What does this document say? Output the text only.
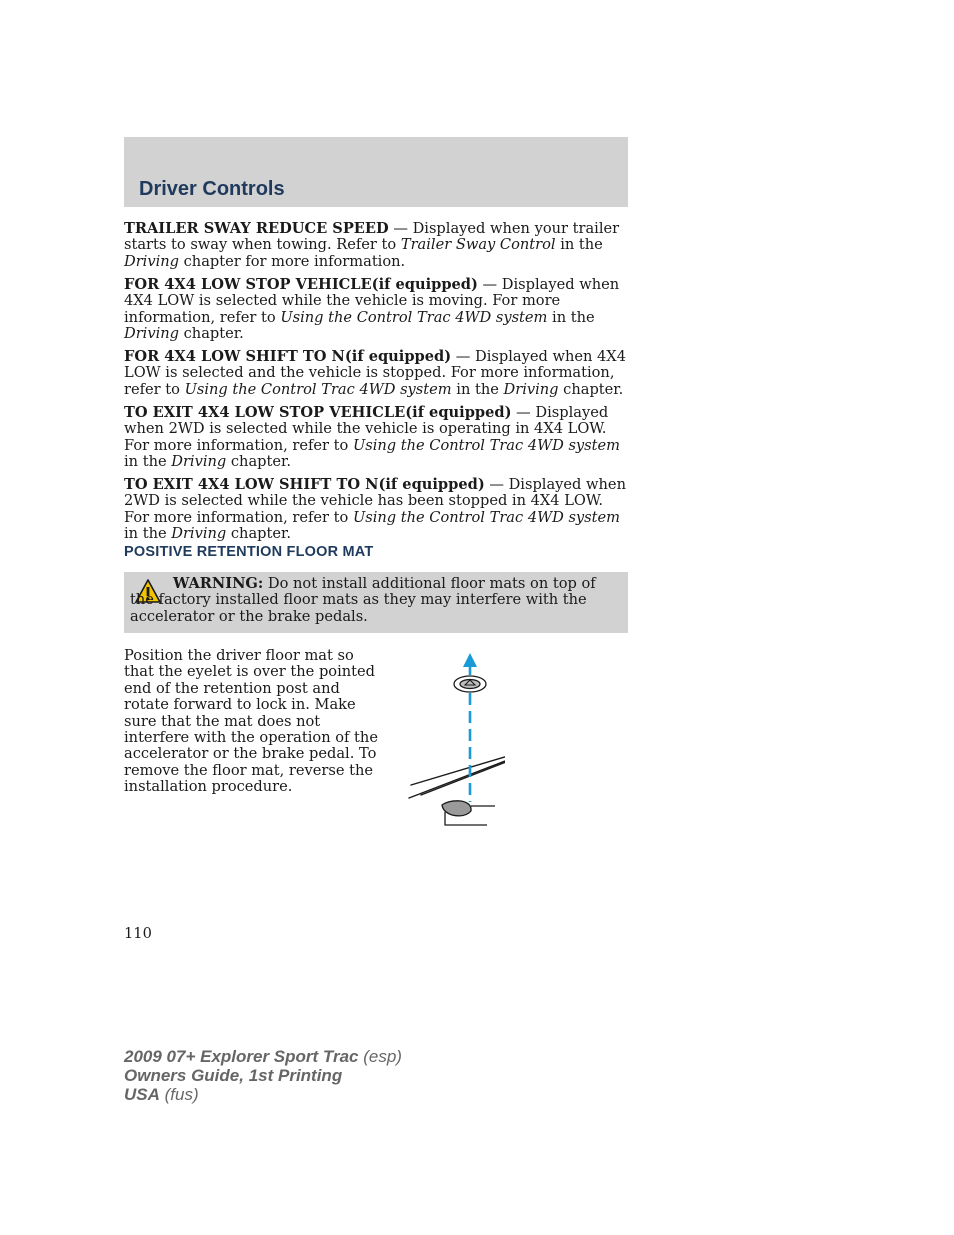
Driver Controls

TRAILER SWAY REDUCE SPEED — Displayed when your trailer starts to sway when towing. Refer to Trailer Sway Control in the Driving chapter for more information.

FOR 4X4 LOW STOP VEHICLE(if equipped) — Displayed when 4X4 LOW is selected while the vehicle is moving. For more information, refer to Using the Control Trac 4WD system in the Driving chapter.

FOR 4X4 LOW SHIFT TO N(if equipped) — Displayed when 4X4 LOW is selected and the vehicle is stopped. For more information, refer to Using the Control Trac 4WD system in the Driving chapter.

TO EXIT 4X4 LOW STOP VEHICLE(if equipped) — Displayed when 2WD is selected while the vehicle is operating in 4X4 LOW. For more information, refer to Using the Control Trac 4WD system in the Driving chapter.

TO EXIT 4X4 LOW SHIFT TO N(if equipped) — Displayed when 2WD is selected while the vehicle has been stopped in 4X4 LOW. For more information, refer to Using the Control Trac 4WD system in the Driving chapter.

POSITIVE RETENTION FLOOR MAT

WARNING: Do not install additional floor mats on top of the factory installed floor mats as they may interfere with the accelerator or the brake pedals.

Position the driver floor mat so that the eyelet is over the pointed end of the retention post and rotate forward to lock in. Make sure that the mat does not interfere with the operation of the accelerator or the brake pedal. To remove the floor mat, reverse the installation procedure.

110

2009 07+ Explorer Sport Trac (esp)
Owners Guide, 1st Printing
USA (fus)
